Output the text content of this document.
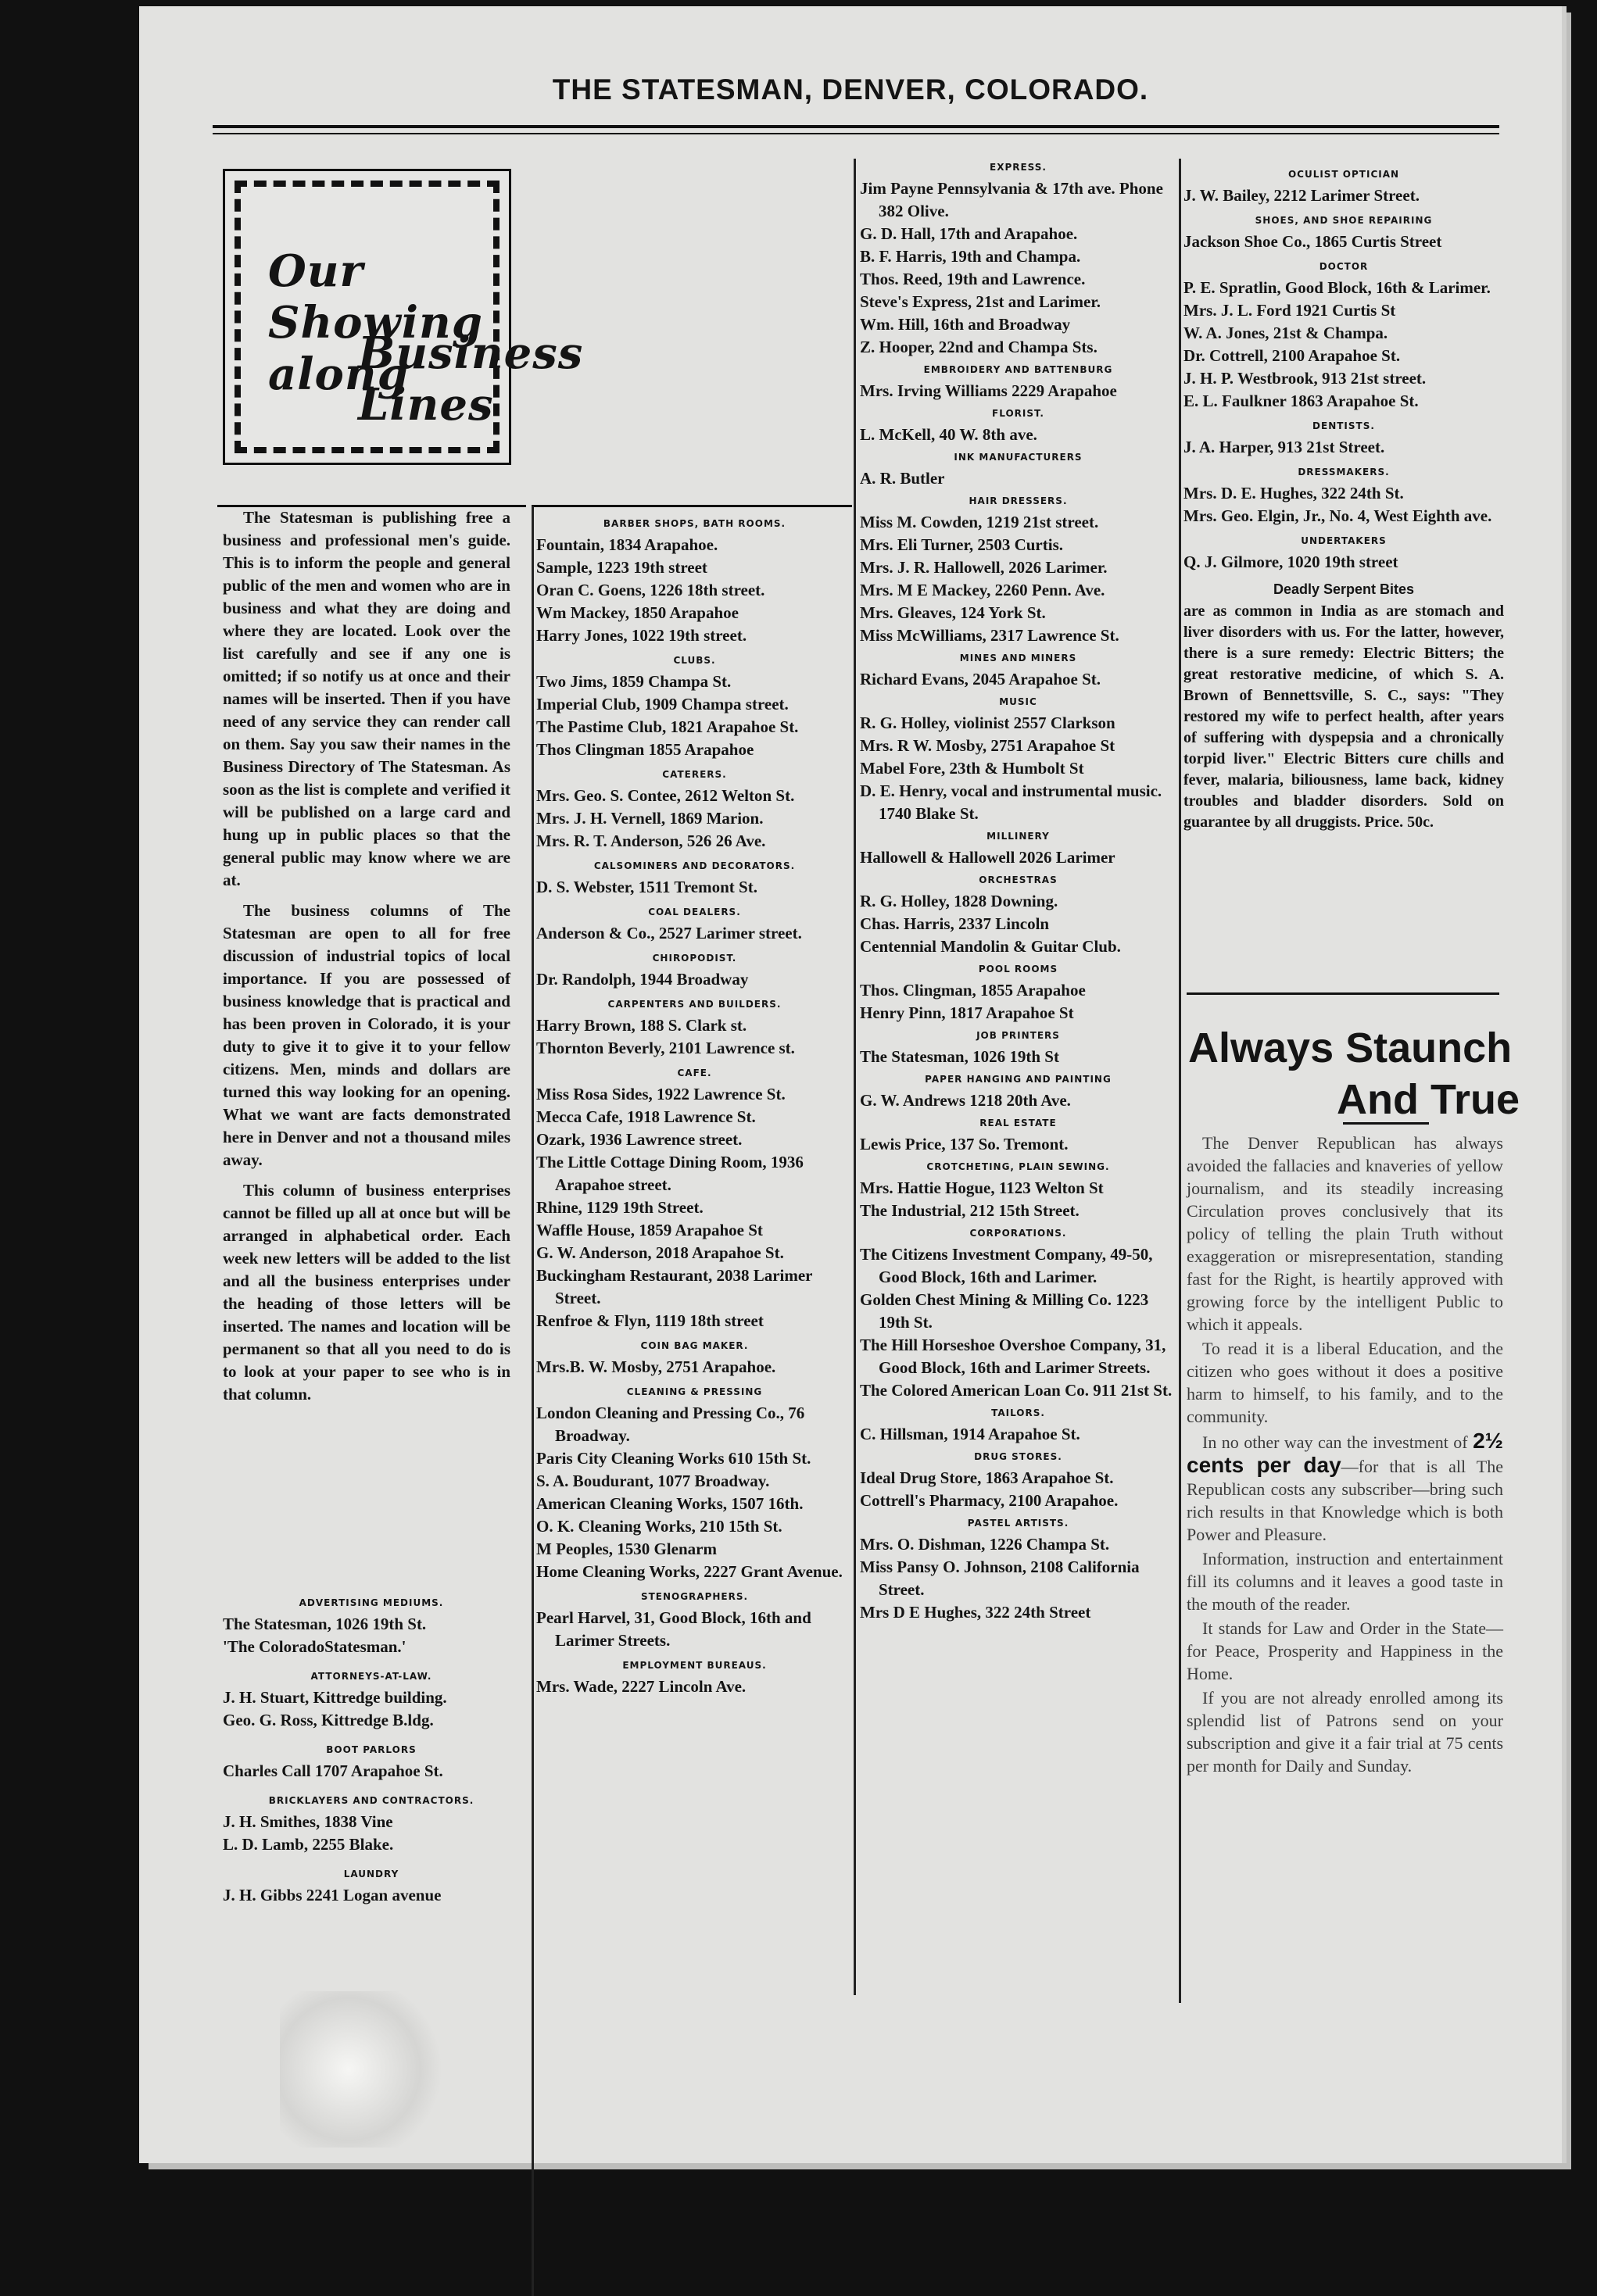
THE STATESMAN, DENVER, COLORADO.
Our Showing along
Business Lines

The Statesman is publishing free a business and professional men's guide. This is to inform the people and general public of the men and women who are in business and what they are doing and where they are located. Look over the list carefully and see if any one is omitted; if so notify us at once and their names will be inserted. Then if you have need of any service they can render call on them. Say you saw their names in the Business Directory of The Statesman. As soon as the list is complete and verified it will be published on a large card and hung up in public places so that the general public may know where we are at.

The business columns of The Statesman are open to all for free discussion of industrial topics of local importance. If you are possessed of business knowledge that is practical and has been proven in Colorado, it is your duty to give it to give it to your fellow citizens. Men, minds and dollars are turned this way looking for an opening. What we want are facts demonstrated here in Denver and not a thousand miles away.

This column of business enterprises cannot be filled up all at once but will be arranged in alphabetical order. Each week new letters will be added to the list and all the business enterprises under the heading of those letters will be inserted. The names and location will be permanent so that all you need to do is to look at your paper to see who is in that column.

ADVERTISING MEDIUMS.
The Statesman, 1026 19th St.
'The ColoradoStatesman.'
ATTORNEYS-AT-LAW.
J. H. Stuart, Kittredge building.
Geo. G. Ross, Kittredge B.ldg.
BOOT PARLORS
Charles Call 1707 Arapahoe St.
BRICKLAYERS AND CONTRACTORS.
J. H. Smithes, 1838 Vine
L. D. Lamb, 2255 Blake.
LAUNDRY
J. H. Gibbs 2241 Logan avenue
BARBER SHOPS, BATH ROOMS.
Fountain, 1834 Arapahoe.
Sample, 1223 19th street
Oran C. Goens, 1226 18th street.
Wm Mackey, 1850 Arapahoe
Harry Jones, 1022 19th street.
CLUBS.
Two Jims, 1859 Champa St.
Imperial Club, 1909 Champa street.
The Pastime Club, 1821 Arapahoe St.
Thos Clingman 1855 Arapahoe
CATERERS.
Mrs. Geo. S. Contee, 2612 Welton St.
Mrs. J. H. Vernell, 1869 Marion.
Mrs. R. T. Anderson, 526 26 Ave.
CALSOMINERS AND DECORATORS.
D. S. Webster, 1511 Tremont St.
COAL DEALERS.
Anderson & Co., 2527 Larimer street.
CHIROPODIST.
Dr. Randolph, 1944 Broadway
CARPENTERS AND BUILDERS.
Harry Brown, 188 S. Clark st.
Thornton Beverly, 2101 Lawrence st.
CAFE.
Miss Rosa Sides, 1922 Lawrence St.
Mecca Cafe, 1918 Lawrence St.
Ozark, 1936 Lawrence street.
The Little Cottage Dining Room, 1936 Arapahoe street.
Rhine, 1129 19th Street.
Waffle House, 1859 Arapahoe St
G. W. Anderson, 2018 Arapahoe St.
Buckingham Restaurant, 2038 Larimer Street.
Renfroe & Flyn, 1119 18th street
COIN BAG MAKER.
Mrs.B. W. Mosby, 2751 Arapahoe.
CLEANING & PRESSING
London Cleaning and Pressing Co., 76 Broadway.
Paris City Cleaning Works 610 15th St.
S. A. Boudurant, 1077 Broadway.
American Cleaning Works, 1507 16th.
O. K. Cleaning Works, 210 15th St.
M Peoples, 1530 Glenarm
Home Cleaning Works, 2227 Grant Avenue.
STENOGRAPHERS.
Pearl Harvel, 31, Good Block, 16th and Larimer Streets.
EMPLOYMENT BUREAUS.
Mrs. Wade, 2227 Lincoln Ave.
EXPRESS.
Jim Payne Pennsylvania & 17th ave. Phone 382 Olive.
G. D. Hall, 17th and Arapahoe.
B. F. Harris, 19th and Champa.
Thos. Reed, 19th and Lawrence.
Steve's Express, 21st and Larimer.
Wm. Hill, 16th and Broadway
Z. Hooper, 22nd and Champa Sts.
EMBROIDERY AND BATTENBURG
Mrs. Irving Williams 2229 Arapahoe
FLORIST.
L. McKell, 40 W. 8th ave.
INK MANUFACTURERS
A. R. Butler
HAIR DRESSERS.
Miss M. Cowden, 1219 21st street.
Mrs. Eli Turner, 2503 Curtis.
Mrs. J. R. Hallowell, 2026 Larimer.
Mrs. M E Mackey, 2260 Penn. Ave.
Mrs. Gleaves, 124 York St.
Miss McWilliams, 2317 Lawrence St.
MINES AND MINERS
Richard Evans, 2045 Arapahoe St.
MUSIC
R. G. Holley, violinist 2557 Clarkson
Mrs. R W. Mosby, 2751 Arapahoe St
Mabel Fore, 23th & Humbolt St
D. E. Henry, vocal and instrumental music. 1740 Blake St.
MILLINERY
Hallowell & Hallowell 2026 Larimer
ORCHESTRAS
R. G. Holley, 1828 Downing.
Chas. Harris, 2337 Lincoln
Centennial Mandolin & Guitar Club.
POOL ROOMS
Thos. Clingman, 1855 Arapahoe
Henry Pinn, 1817 Arapahoe St
JOB PRINTERS
The Statesman, 1026 19th St
PAPER HANGING AND PAINTING
G. W. Andrews 1218 20th Ave.
REAL ESTATE
Lewis Price, 137 So. Tremont.
CROTCHETING, PLAIN SEWING.
Mrs. Hattie Hogue, 1123 Welton St
The Industrial, 212 15th Street.
CORPORATIONS.
The Citizens Investment Company, 49-50, Good Block, 16th and Larimer.
Golden Chest Mining & Milling Co. 1223 19th St.
The Hill Horseshoe Overshoe Company, 31, Good Block, 16th and Larimer Streets.
The Colored American Loan Co. 911 21st St.
TAILORS.
C. Hillsman, 1914 Arapahoe St.
DRUG STORES.
Ideal Drug Store, 1863 Arapahoe St.
Cottrell's Pharmacy, 2100 Arapahoe.
PASTEL ARTISTS.
Mrs. O. Dishman, 1226 Champa St.
Miss Pansy O. Johnson, 2108 California Street.
Mrs D E Hughes, 322 24th Street
OCULIST OPTICIAN
J. W. Bailey, 2212 Larimer Street.
SHOES, AND SHOE REPAIRING
Jackson Shoe Co., 1865 Curtis Street
DOCTOR
P. E. Spratlin, Good Block, 16th & Larimer.
Mrs. J. L. Ford 1921 Curtis St
W. A. Jones, 21st & Champa.
Dr. Cottrell, 2100 Arapahoe St.
J. H. P. Westbrook, 913 21st street.
E. L. Faulkner 1863 Arapahoe St.
DENTISTS.
J. A. Harper, 913 21st Street.
DRESSMAKERS.
Mrs. D. E. Hughes, 322 24th St.
Mrs. Geo. Elgin, Jr., No. 4, West Eighth ave.
UNDERTAKERS
Q. J. Gilmore, 1020 19th street
Deadly Serpent Bites
are as common in India as are stomach and liver disorders with us. For the latter, however, there is a sure remedy: Electric Bitters; the great restorative medicine, of which S. A. Brown of Bennettsville, S. C., says: "They restored my wife to perfect health, after years of suffering with dyspepsia and a chronically torpid liver." Electric Bitters cure chills and fever, malaria, biliousness, lame back, kidney troubles and bladder disorders. Sold on guarantee by all druggists. Price. 50c.
Always Staunch
And True

The Denver Republican has always avoided the fallacies and knaveries of yellow journalism, and its steadily increasing Circulation proves conclusively that its policy of telling the plain Truth without exaggeration or misrepresentation, standing fast for the Right, is heartily approved with growing force by the intelligent Public to which it appeals.

To read it is a liberal Education, and the citizen who goes without it does a positive harm to himself, to his family, and to the community.

In no other way can the investment of 2½ cents per day—for that is all The Republican costs any subscriber—bring such rich results in that Knowledge which is both Power and Pleasure.

Information, instruction and entertainment fill its columns and it leaves a good taste in the mouth of the reader.

It stands for Law and Order in the State—for Peace, Prosperity and Happiness in the Home.

If you are not already enrolled among its splendid list of Patrons send on your subscription and give it a fair trial at 75 cents per month for Daily and Sunday.
